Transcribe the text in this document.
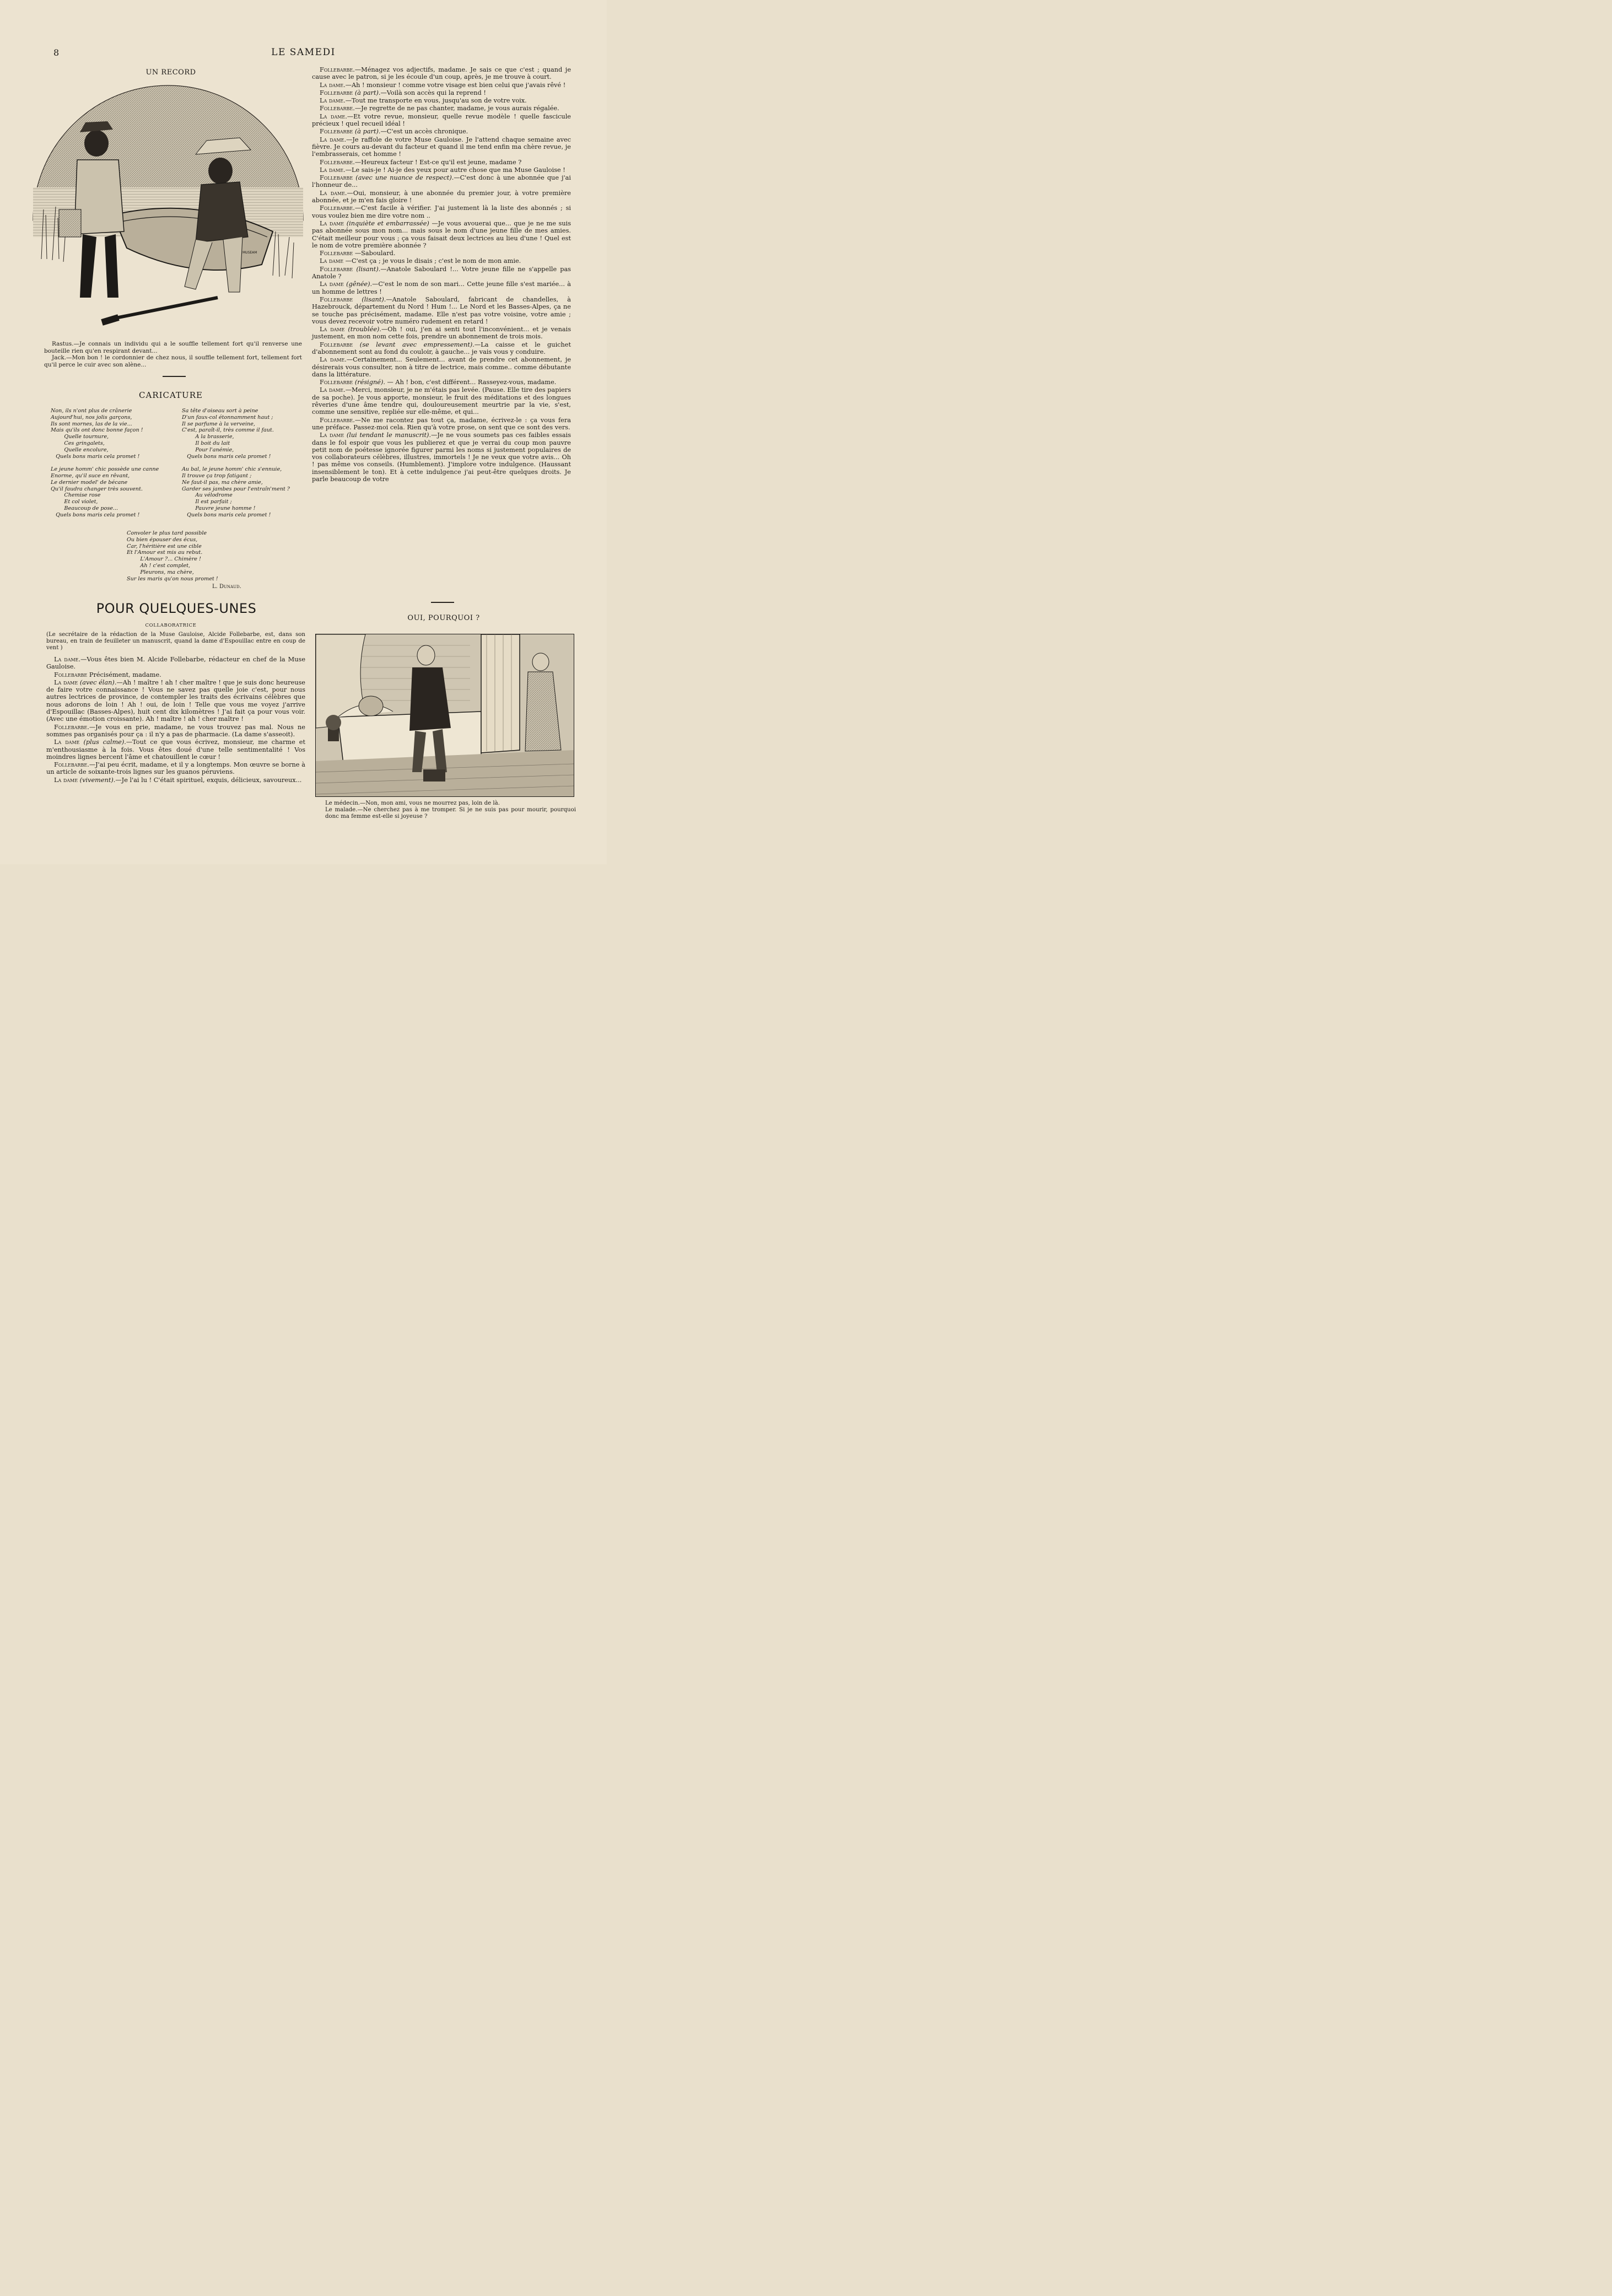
8	LE SAMEDI
UN RECORD
MUSEAM

Rastus.—Je connais un individu qui a le souffle tellement fort qu'il renverse une bouteille rien qu'en respirant devant...

Jack.—Mon bon ! le cordonnier de chez nous, il souffle tellement fort, tellement fort qu'il perce le cuir avec son alène...

CARICATURE
Non, ils n'ont plus de crânerie
Aujourd'hui, nos jolis garçons,
Ils sont mornes, las de la vie...
Mais qu'ils ont donc bonne façon !
Quelle tournure,
Ces gringalets,
Quelle encolure,
Quels bons maris cela promet !

Le jeune homm' chic possède une canne
Enorme, qu'il suce en rêvant,
Le dernier model' de bécane
Qu'il faudra changer très souvent.
Chemise rose
Et col violet,
Beaucoup de pose...
Quels bons maris cela promet !
Sa tête d'oiseau sort à peine
D'un faux-col étonnamment haut ;
Il se parfume à la verveine,
C'est, paraît-il, très comme il faut.
A la brasserie,
Il boit du lait
Pour l'anémie,
Quels bons maris cela promet !

Au bal, le jeune homm' chic s'ennuie,
Il trouve ça trop fatigant ;
Ne faut-il pas, ma chère amie,
Garder ses jambes pour l'entraîn'ment ?
Au vélodrome
Il est parfait ;
Pauvre jeune homme !
Quels bons maris cela promet !
Convoler le plus tard possible
Ou bien épouser des écus,
Car, l'héritière est une cible
Et l'Amour est mis au rebut.
L'Amour ?... Chimère !
Ah ! c'est complet,
Pleurons, ma chère,
Sur les maris qu'on nous promet !
L. Dunaud.
POUR QUELQUES-UNES
COLLABORATRICE
(Le secrétaire de la rédaction de la Muse Gauloise, Alcide Follebarbe, est, dans son bureau, en train de feuilleter un manuscrit, quand la dame d'Espouillac entre en coup de vent )

La dame.—Vous êtes bien M. Alcide Follebarbe, rédacteur en chef de la Muse Gauloise.

Follebarbe Précisément, madame.

La dame (avec élan).—Ah ! maître ! ah ! cher maître ! que je suis donc heureuse de faire votre connaissance ! Vous ne savez pas quelle joie c'est, pour nous autres lectrices de province, de contempler les traits des écrivains célèbres que nous adorons de loin ! Ah ! oui, de loin ! Telle que vous me voyez j'arrive d'Espouillac (Basses-Alpes), huit cent dix kilomètres ! J'ai fait ça pour vous voir. (Avec une émotion croissante). Ah ! maître ! ah ! cher maître !

Follebarbe.—Je vous en prie, madame, ne vous trouvez pas mal. Nous ne sommes pas organisés pour ça : il n'y a pas de pharmacie. (La dame s'asseoit).

La dame (plus calme).—Tout ce que vous écrivez, monsieur, me charme et m'enthousiasme à la fois. Vous êtes doué d'une telle sentimentalité ! Vos moindres lignes bercent l'âme et chatouillent le cœur !

Follebarbe.—J'ai peu écrit, madame, et il y a longtemps. Mon œuvre se borne à un article de soixante-trois lignes sur les guanos péruviens.

La dame (vivement).—Je l'ai lu ! C'était spirituel, exquis, délicieux, savoureux...

Follebarbe.—Ménagez vos adjectifs, madame. Je sais ce que c'est ; quand je cause avec le patron, si je les écoule d'un coup, après, je me trouve à court.

La dame.—Ah ! monsieur ! comme votre visage est bien celui que j'avais rêvé !

Follebarbe (à part).—Voilà son accès qui la reprend !

La dame.—Tout me transporte en vous, jusqu'au son de votre voix.

Follebarbe.—Je regrette de ne pas chanter, madame, je vous aurais régalée.

La dame.—Et votre revue, monsieur, quelle revue modèle ! quelle fascicule précieux ! quel recueil idéal !

Follebarbe (à part).—C'est un accès chronique.

La dame.—Je raffole de votre Muse Gauloise. Je l'attend chaque semaine avec fièvre. Je cours au-devant du facteur et quand il me tend enfin ma chère revue, je l'embrasserais, cet homme !

Follebarbe.—Heureux facteur ! Est-ce qu'il est jeune, madame ?

La dame.—Le sais-je ! Ai-je des yeux pour autre chose que ma Muse Gauloise !

Follebarbe (avec une nuance de respect).—C'est donc à une abonnée que j'ai l'honneur de...

La dame.—Oui, monsieur, à une abonnée du premier jour, à votre première abonnée, et je m'en fais gloire !

Follebarbe.—C'est facile à vérifier. J'ai justement là la liste des abonnés ; si vous voulez bien me dire votre nom ..

La dame (inquiète et embarrassée) —Je vous avouerai que... que je ne me suis pas abonnée sous mon nom... mais sous le nom d'une jeune fille de mes amies. C'était meilleur pour vous ; ça vous faisait deux lectrices au lieu d'une ! Quel est le nom de votre première abonnée ?

Follebarbe —Saboulard.

La dame —C'est ça ; je vous le disais ; c'est le nom de mon amie.

Follebarbe (lisant).—Anatole Saboulard !... Votre jeune fille ne s'appelle pas Anatole ?

La dame (gênée).—C'est le nom de son mari... Cette jeune fille s'est mariée... à un homme de lettres !

Follebarbe (lisant).—Anatole Saboulard, fabricant de chandelles, à Hazebrouck, département du Nord ! Hum !... Le Nord et les Basses-Alpes, ça ne se touche pas précisément, madame. Elle n'est pas votre voisine, votre amie ; vous devez recevoir votre numéro rudement en retard !

La dame (troublée).—Oh ! oui, j'en ai senti tout l'inconvénient... et je venais justement, en mon nom cette fois, prendre un abonnement de trois mois.

Follebarbe (se levant avec empressement).—La caisse et le guichet d'abonnement sont au fond du couloir, à gauche... je vais vous y conduire.

La dame.—Certainement... Seulement... avant de prendre cet abonnement, je désirerais vous consulter, non à titre de lectrice, mais comme.. comme débutante dans la littérature.

Follebarbe (résigné). — Ah ! bon, c'est différent... Rasseyez-vous, madame.

La dame.—Merci, monsieur, je ne m'étais pas levée. (Pause. Elle tire des papiers de sa poche). Je vous apporte, monsieur, le fruit des méditations et des longues rêveries d'une âme tendre qui, douloureusement meurtrie par la vie, s'est, comme une sensitive, repliée sur elle-même, et qui...

Follebarbe.—Ne me racontez pas tout ça, madame, écrivez-le : ça vous fera une préface. Passez-moi cela. Rien qu'à votre prose, on sent que ce sont des vers.

La dame (lui tendant le manuscrit).—Je ne vous soumets pas ces faibles essais dans le fol espoir que vous les publierez et que je verrai du coup mon pauvre petit nom de poétesse ignorée figurer parmi les noms si justement populaires de vos collaborateurs célèbres, illustres, immortels ! Je ne veux que votre avis... Oh ! pas même vos conseils. (Humblement). J'implore votre indulgence. (Haussant insensiblement le ton). Et à cette indulgence j'ai peut-être quelques droits. Je parle beaucoup de votre

OUI, POURQUOI ?

Le médecin.—Non, mon ami, vous ne mourrez pas, loin de là.

Le malade.—Ne cherchez pas à me tromper. Si je ne suis pas pour mourir, pourquoi donc ma femme est-elle si joyeuse ?
